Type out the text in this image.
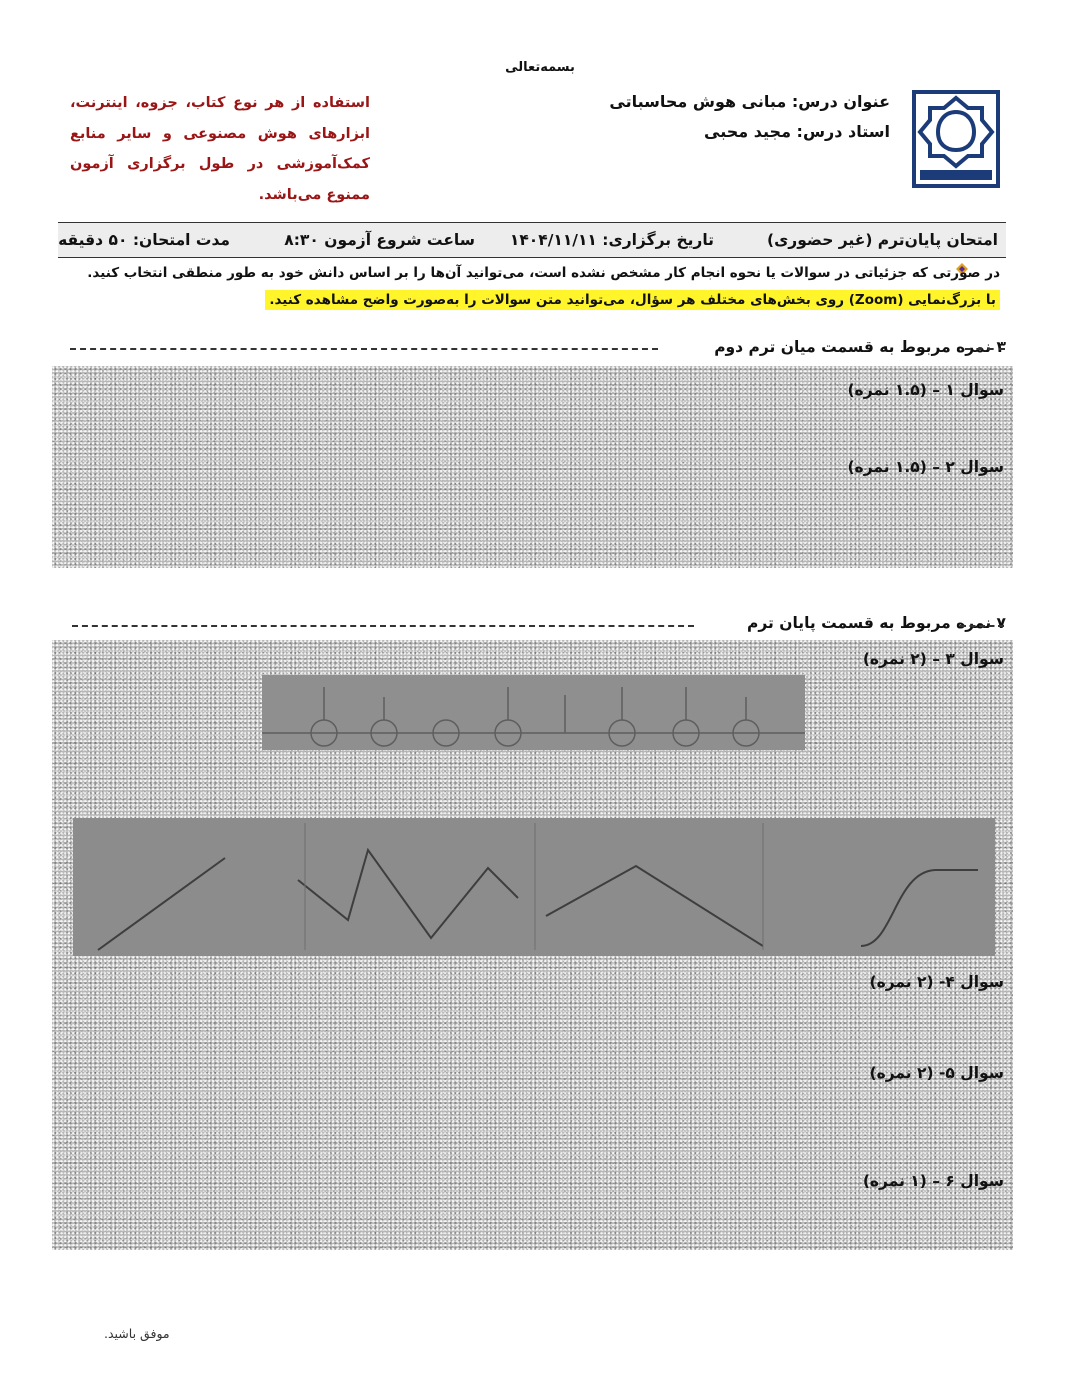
بسمه‌تعالی
عنوان درس: مبانی هوش محاسباتی
استاد درس: مجید محبی
استفاده از هر نوع کتاب، جزوه، اینترنت، ابزارهای هوش مصنوعی و سایر منابع کمک‌آموزشی در طول برگزاری آزمون ممنوع می‌باشد.
امتحان پایان‌ترم (غیر حضوری)
تاریخ برگزاری: ۱۴۰۴/۱۱/۱۱
ساعت شروع آزمون ۸:۳۰
مدت امتحان: ۵۰ دقیقه
در صورتی که جزئیاتی در سوالات یا نحوه انجام کار مشخص نشده است، می‌توانید آن‌ها را بر اساس دانش خود به طور منطقی انتخاب کنید.
با بزرگ‌نمایی (Zoom) روی بخش‌های مختلف هر سؤال، می‌توانید متن سوالات را به‌صورت واضح مشاهده کنید.
۳ نمره مربوط به قسمت میان ترم دوم
سوال ۱ – (۱.۵ نمره)
سوال ۲ – (۱.۵ نمره)
۷ نمره مربوط به قسمت پایان ترم
سوال ۳ – (۲ نمره)
سوال ۴- (۲ نمره)
سوال ۵- (۲ نمره)
سوال ۶ – (۱ نمره)
موفق باشید.
